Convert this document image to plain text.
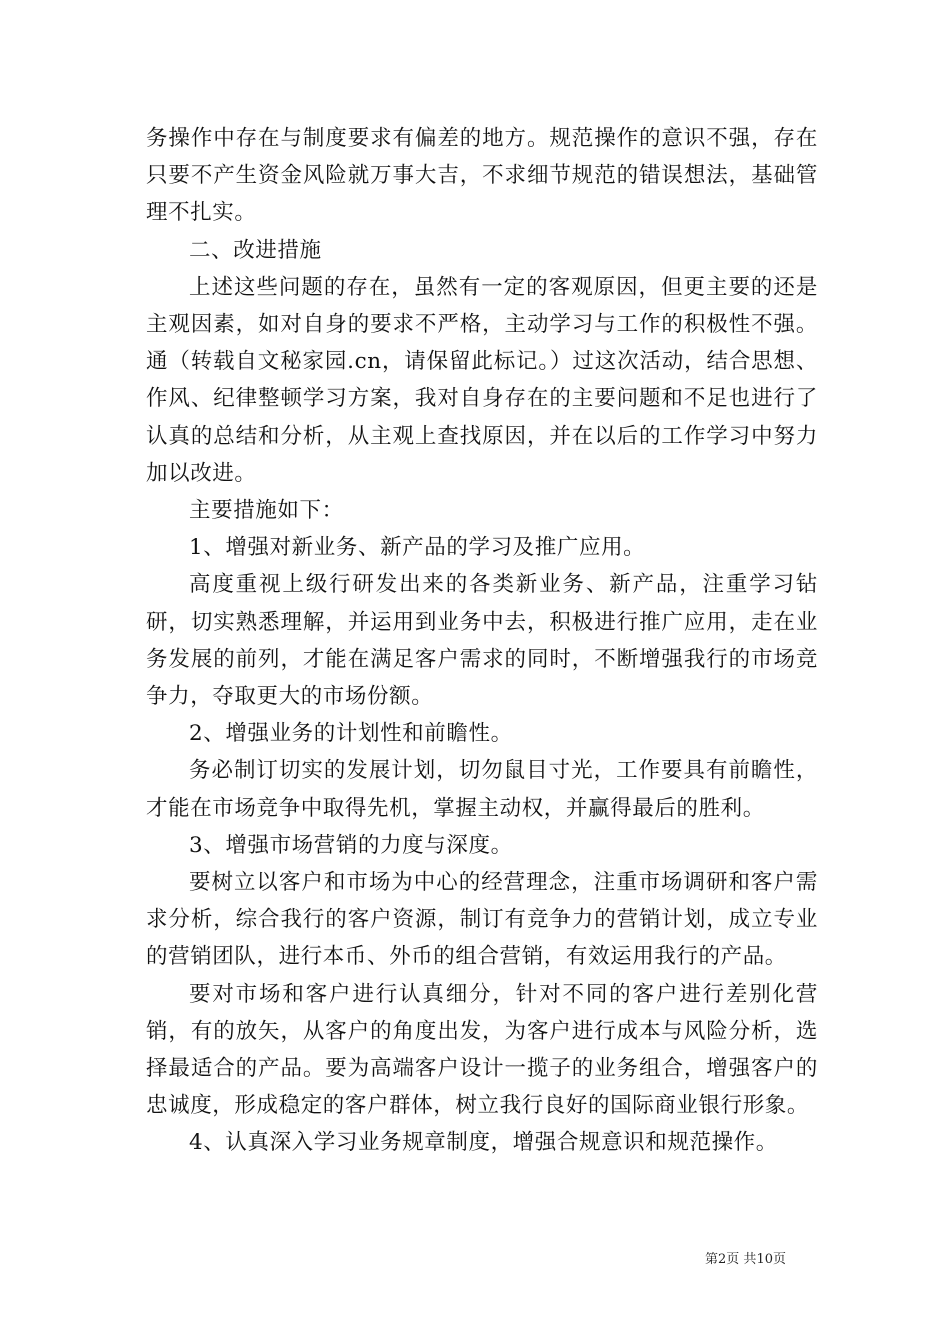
务操作中存在与制度要求有偏差的地方。规范操作的意识不强，存在只要不产生资金风险就万事大吉，不求细节规范的错误想法，基础管理不扎实。

二、改进措施

上述这些问题的存在，虽然有一定的客观原因，但更主要的还是主观因素，如对自身的要求不严格，主动学习与工作的积极性不强。通（转载自文秘家园.cn，请保留此标记。）过这次活动，结合思想、作风、纪律整顿学习方案，我对自身存在的主要问题和不足也进行了认真的总结和分析，从主观上查找原因，并在以后的工作学习中努力加以改进。

主要措施如下：

1、增强对新业务、新产品的学习及推广应用。

高度重视上级行研发出来的各类新业务、新产品，注重学习钻研，切实熟悉理解，并运用到业务中去，积极进行推广应用，走在业务发展的前列，才能在满足客户需求的同时，不断增强我行的市场竞争力，夺取更大的市场份额。

2、增强业务的计划性和前瞻性。

务必制订切实的发展计划，切勿鼠目寸光，工作要具有前瞻性，才能在市场竞争中取得先机，掌握主动权，并赢得最后的胜利。

3、增强市场营销的力度与深度。

要树立以客户和市场为中心的经营理念，注重市场调研和客户需求分析，综合我行的客户资源，制订有竞争力的营销计划，成立专业的营销团队，进行本币、外币的组合营销，有效运用我行的产品。

要对市场和客户进行认真细分，针对不同的客户进行差别化营销，有的放矢，从客户的角度出发，为客户进行成本与风险分析，选择最适合的产品。要为高端客户设计一揽子的业务组合，增强客户的忠诚度，形成稳定的客户群体，树立我行良好的国际商业银行形象。

4、认真深入学习业务规章制度，增强合规意识和规范操作。

第2页 共10页
